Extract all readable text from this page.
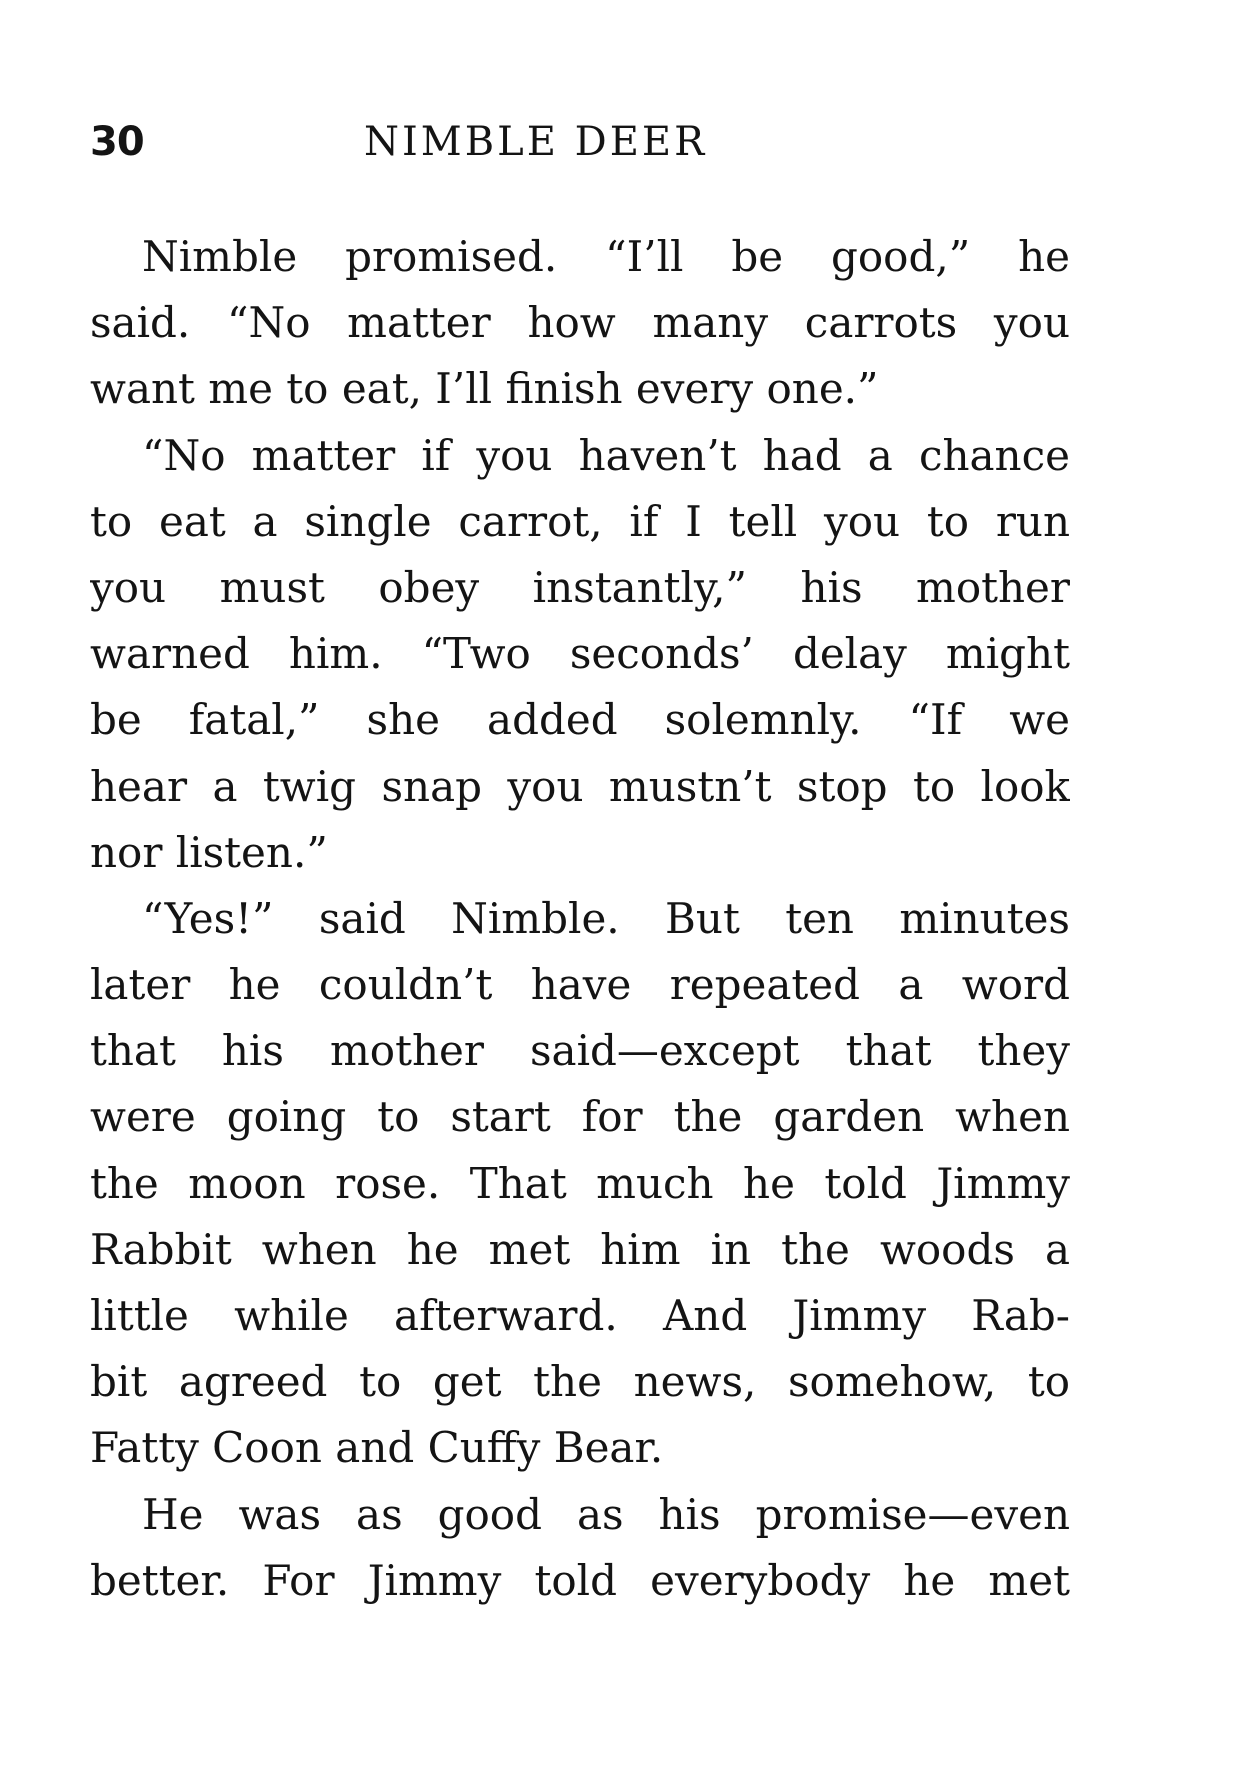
30	NIMBLE DEER
Nimble promised. “I’ll be good,” he
said. “No matter how many carrots you
want me to eat, I’ll finish every one.”
“No matter if you haven’t had a chance
to eat a single carrot, if I tell you to run
you must obey instantly,” his mother
warned him. “Two seconds’ delay might
be fatal,” she added solemnly. “If we
hear a twig snap you mustn’t stop to look
nor listen.”
“Yes!” said Nimble. But ten minutes
later he couldn’t have repeated a word
that his mother said—except that they
were going to start for the garden when
the moon rose. That much he told Jimmy
Rabbit when he met him in the woods a
little while afterward. And Jimmy Rab-
bit agreed to get the news, somehow, to
Fatty Coon and Cuffy Bear.
He was as good as his promise—even
better. For Jimmy told everybody he met
